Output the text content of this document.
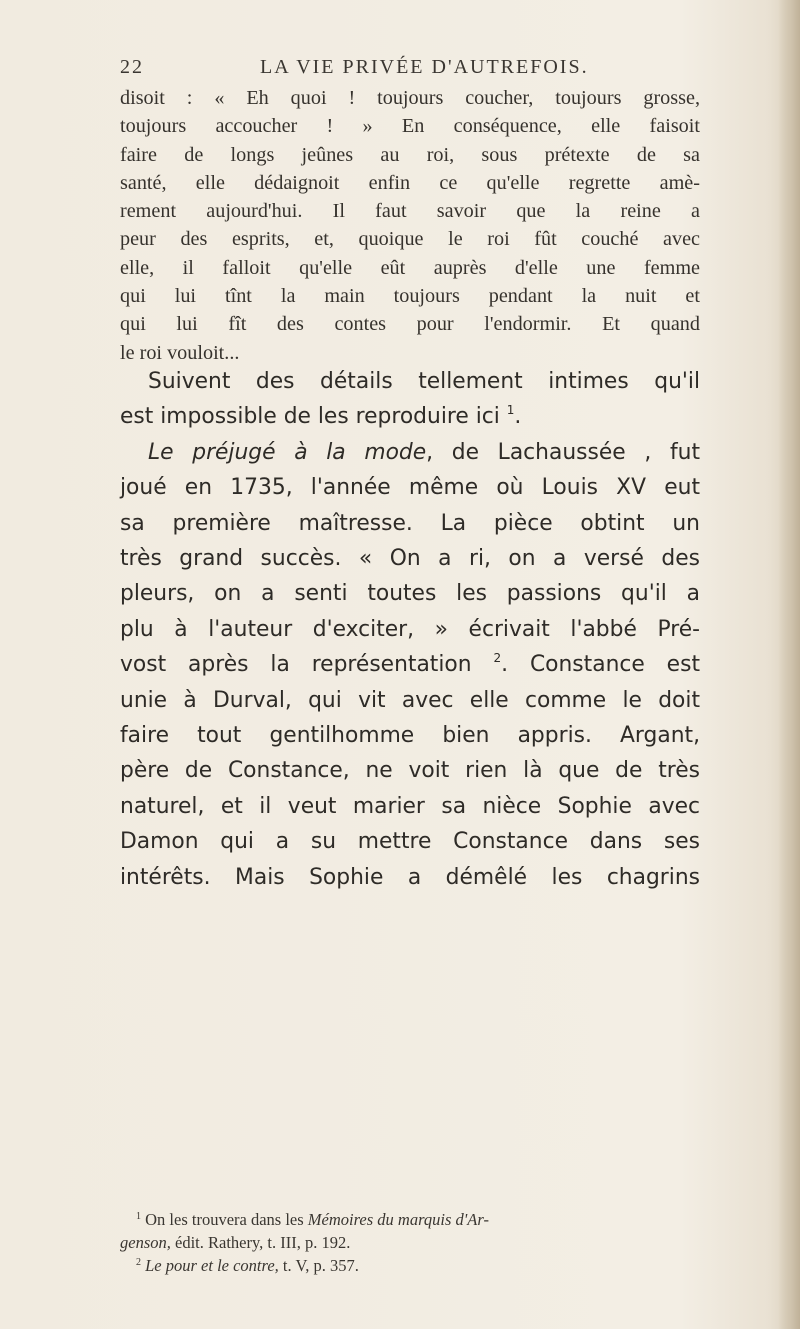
22	LA VIE PRIVÉE D'AUTREFOIS.
disoit : « Eh quoi ! toujours coucher, toujours grosse,
toujours accoucher ! » En conséquence, elle faisoit
faire de longs jeûnes au roi, sous prétexte de sa
santé, elle dédaignoit enfin ce qu'elle regrette amè-
rement aujourd'hui. Il faut savoir que la reine a
peur des esprits, et, quoique le roi fût couché avec
elle, il falloit qu'elle eût auprès d'elle une femme
qui lui tînt la main toujours pendant la nuit et
qui lui fît des contes pour l'endormir. Et quand
le roi vouloit...
Suivent des détails tellement intimes qu'il
est impossible de les reproduire ici $^1$.
Le préjugé à la mode, de Lachaussée , fut
joué en 1735, l'année même où Louis XV eut
sa première maîtresse. La pièce obtint un
très grand succès. « On a ri, on a versé des
pleurs, on a senti toutes les passions qu'il a
plu à l'auteur d'exciter, » écrivait l'abbé Pré-
vost après la représentation $^2$. Constance est
unie à Durval, qui vit avec elle comme le doit
faire tout gentilhomme bien appris. Argant,
père de Constance, ne voit rien là que de très
naturel, et il veut marier sa nièce Sophie avec
Damon qui a su mettre Constance dans ses
intérêts. Mais Sophie a démêlé les chagrins
$^1$ On les trouvera dans les Mémoires du marquis d'Ar-
genson, édit. Rathery, t. III, p. 192.
$^2$ Le pour et le contre, t. V, p. 357.
